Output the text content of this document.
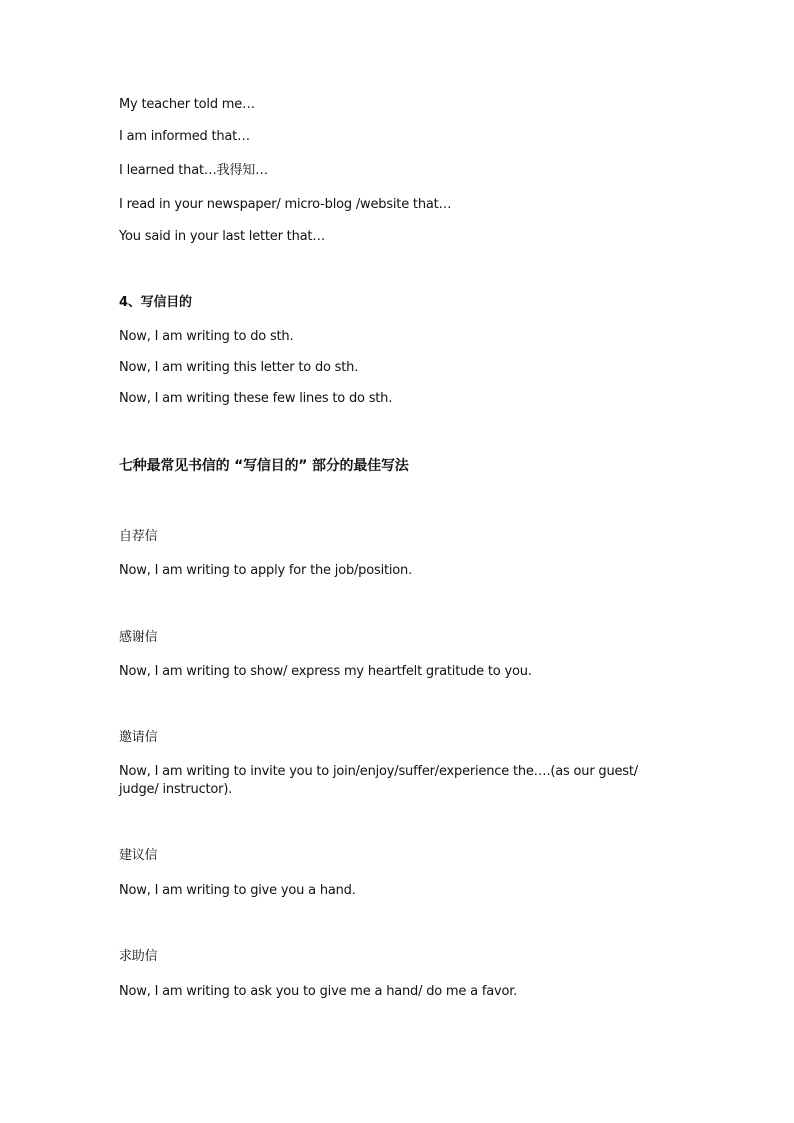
My teacher told me…
I am informed that…
I learned that…我得知…
I read in your newspaper/ micro-blog /website that…
You said in your last letter that…
4、写信目的
Now, I am writing to do sth.
Now, I am writing this letter to do sth.
Now, I am writing these few lines to do sth.
七种最常见书信的 “写信目的” 部分的最佳写法
自荐信
Now, I am writing to apply for the job/position.
感谢信
Now, I am writing to show/ express my heartfelt gratitude to you.
邀请信
Now, I am writing to invite you to join/enjoy/suffer/experience the….(as our guest/ judge/ instructor).
建议信
Now, I am writing to give you a hand.
求助信
Now, I am writing to ask you to give me a hand/ do me a favor.
